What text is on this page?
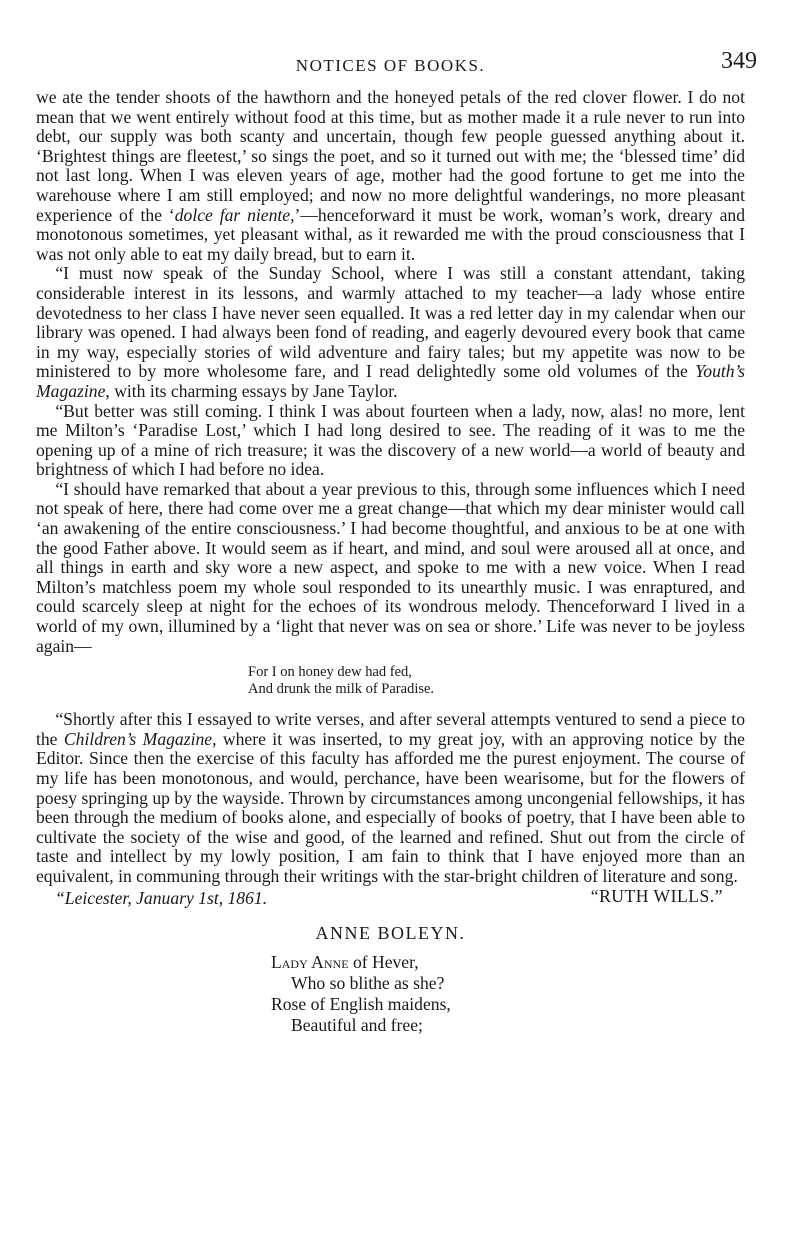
NOTICES OF BOOKS.	349

we ate the tender shoots of the hawthorn and the honeyed petals of the red clover flower. I do not mean that we went entirely without food at this time, but as mother made it a rule never to run into debt, our supply was both scanty and uncertain, though few people guessed anything about it. ‘Brightest things are fleetest,’ so sings the poet, and so it turned out with me; the ‘blessed time’ did not last long. When I was eleven years of age, mother had the good fortune to get me into the warehouse where I am still employed; and now no more delightful wanderings, no more pleasant experience of the ‘dolce far niente,’—henceforward it must be work, woman’s work, dreary and monotonous sometimes, yet pleasant withal, as it rewarded me with the proud consciousness that I was not only able to eat my daily bread, but to earn it.

“I must now speak of the Sunday School, where I was still a constant attendant, taking considerable interest in its lessons, and warmly attached to my teacher—a lady whose entire devotedness to her class I have never seen equalled. It was a red letter day in my calendar when our library was opened. I had always been fond of reading, and eagerly devoured every book that came in my way, especially stories of wild adventure and fairy tales; but my appetite was now to be ministered to by more wholesome fare, and I read delightedly some old volumes of the Youth’s Magazine, with its charming essays by Jane Taylor.

“But better was still coming. I think I was about fourteen when a lady, now, alas! no more, lent me Milton’s ‘Paradise Lost,’ which I had long desired to see. The reading of it was to me the opening up of a mine of rich treasure; it was the discovery of a new world—a world of beauty and brightness of which I had before no idea.

“I should have remarked that about a year previous to this, through some influences which I need not speak of here, there had come over me a great change—that which my dear minister would call ‘an awakening of the entire consciousness.’ I had become thoughtful, and anxious to be at one with the good Father above. It would seem as if heart, and mind, and soul were aroused all at once, and all things in earth and sky wore a new aspect, and spoke to me with a new voice. When I read Milton’s matchless poem my whole soul responded to its unearthly music. I was enraptured, and could scarcely sleep at night for the echoes of its wondrous melody. Thenceforward I lived in a world of my own, illumined by a ‘light that never was on sea or shore.’ Life was never to be joyless again—

For I on honey dew had fed,
And drunk the milk of Paradise.

“Shortly after this I essayed to write verses, and after several attempts ventured to send a piece to the Children’s Magazine, where it was inserted, to my great joy, with an approving notice by the Editor. Since then the exercise of this faculty has afforded me the purest enjoyment. The course of my life has been monotonous, and would, perchance, have been wearisome, but for the flowers of poesy springing up by the wayside. Thrown by circumstances among uncongenial fellowships, it has been through the medium of books alone, and especially of books of poetry, that I have been able to cultivate the society of the wise and good, of the learned and refined. Shut out from the circle of taste and intellect by my lowly position, I am fain to think that I have enjoyed more than an equivalent, in communing through their writings with the star-bright children of literature and song.

“Leicester, January 1st, 1861.	“RUTH WILLS.”
ANNE BOLEYN.
Lady Anne of Hever,
Who so blithe as she?
Rose of English maidens,
Beautiful and free;
